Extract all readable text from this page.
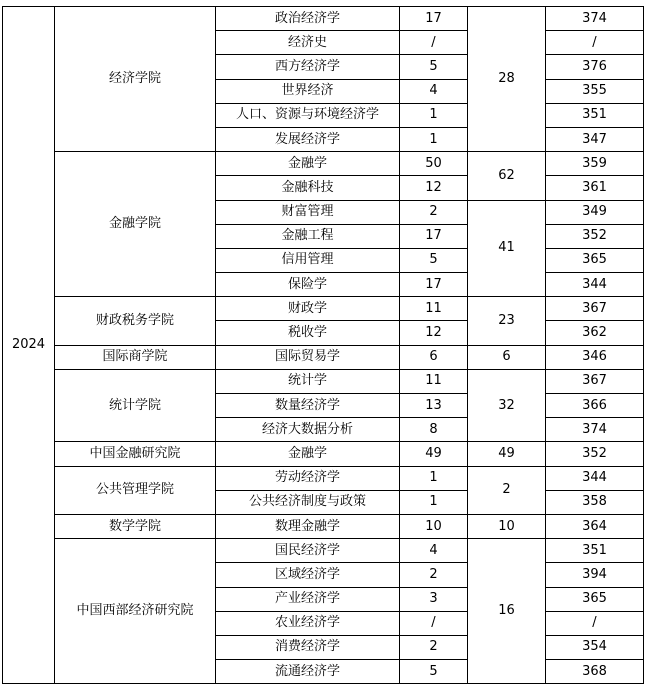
2024	经济学院	政治经济学	17	28	374
		经济史	/		/
		西方经济学	5		376
		世界经济	4		355
		人口、资源与环境经济学	1		351
		发展经济学	1		347
	金融学院	金融学	50	62	359
		金融科技	12		361
		财富管理	2	41	349
		金融工程	17		352
		信用管理	5		365
		保险学	17		344
	财政税务学院	财政学	11	23	367
		税收学	12		362
	国际商学院	国际贸易学	6	6	346
	统计学院	统计学	11	32	367
		数量经济学	13		366
		经济大数据分析	8		374
	中国金融研究院	金融学	49	49	352
	公共管理学院	劳动经济学	1	2	344
		公共经济制度与政策	1		358
	数学学院	数理金融学	10	10	364
	中国西部经济研究院	国民经济学	4	16	351
		区域经济学	2		394
		产业经济学	3		365
		农业经济学	/		/
		消费经济学	2		354
		流通经济学	5		368
